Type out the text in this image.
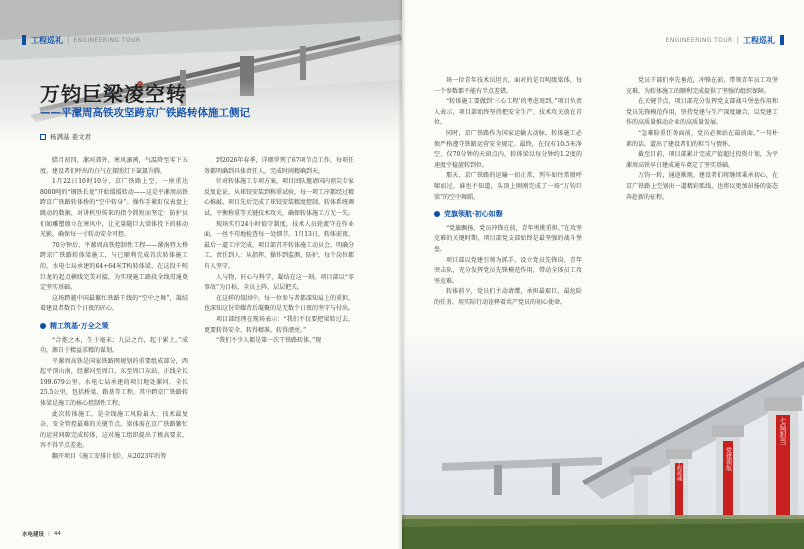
工程巡礼 | ENGINEERING TOUR
万钧巨梁凌空转
——平漯周高铁攻坚跨京广铁路转体施工侧记
杨满基 姜文君

腊月初四，漯河郊外，寒风凛冽，气温降至零下五度。建设者们呼出的白气在探照灯下氤氲升腾。

1月22日10时10分，京广铁路上空，一座重达8000吨的“钢铁长龙”开始缓缓转动——这是平漯周高铁跨京广铁路转体桥的“空中转身”。操作手紧盯仪表盘上跳动的数据，对讲机里传来的指令简短而坚定：防护员们如雕塑般立在寒风中，让光量随巨大梁体投下的移动光影，确保每一寸转动安全可控。

70分钟后，平漯周高铁控制性工程——漯南特大桥跨京广铁路转体梁施工，与已顺利完成首次转体施工的，水电七局承建的64+64米T构转体梁，在这段千吨巨龙的起点横线完美对接，为实现施工路段全线贯通奠定坚实基础。

这场跨越中国最繁忙铁路干线的“空中之舞”，凝结着建设者数百个日夜的匠心。

精工筑基·万全之策

“合抱之木，生于毫末；九层之台，起于累土。”成功，源自于精益求精的谋划。

平漯周高铁是国家铁路网规划的重要组成部分，西起平顶山南，经漯河至周口，东至周口东站，正线全长199.679公里。水电七局承建的项目地处漯河，全长25.5公里，包括桥梁、路基等工程，其中跨京广铁路转体梁是施工的核心控制性工程。

此次转体施工，是全线施工风险最大、技术最复杂、安全管控最难的关键节点。梁体需在京广铁路繁忙的运营间隙完成转体，这对施工组织提出了极高要求，容不得半点差池。

翻开项目《施工安排计划》，从2023年的筹

到2026年春季，详细罗列了67项节点工作，每项任务都明确到具体责任人，完成时间精确到天。

针对转体施工专项方案，项目团队邀请国内顶尖专家反复论证，从球铰安装到称重试验，每一项工序都经过精心推敲。项目先后完成了球铰安装精度控制、转体系统调试、平衡称重等关键技术攻关，确保转体施工万无一失。

现场实行24小时值守制度，技术人员轮流守在作业面，一丝不苟地检查每一处细节。1月13日，转体前夜，最后一道工序完成。项目部召开转体施工动员会，明确分工，责任到人：从指挥、操作到监测、防护，每个岗位都有人坚守。

人与物，匠心与科学，凝结在这一刻。项目部以“零事故”为目标，全员上阵，层层把关。

在这样的氛围中，每一位参与者都深知肩上的重担，也深知这份荣耀背后凝聚的是无数个日夜的坚守与付出。

项目部经理在现场表示：“我们不仅要把梁转过去，更要转得安全、转得精准、转得漂亮。”

“我们不少人都是第一次干铁路转体，”现

水电建设 | 44
ENGINEERING TOUR | 工程巡礼

场一位青年技术员坦言，面对的是百吨级梁体，每一个参数都不能有半点差错。

“转体施工要做到‘三心工程’的考虑周到。”项目负责人表示，项目部始终坚持把安全生产、技术攻关放在首位。

同时，京广铁路作为国家运输大动脉，转体施工必须严格遵守铁路运营安全规定。最终，在仅有10.5米净空、仅70分钟的天窗点内，转体梁以每分钟约1.2度的速度平稳旋转到位。

那天，京广铁路的运输一切正常，列车如往常般呼啸而过，谁也不知道，头顶上刚刚完成了一场“万钧巨梁”的空中舞蹈。

党旗领航·初心如磐

“党旗飘扬，党员冲锋在前，青年勇挑重担。”在攻坚克难的关键时期，项目部党支部始终是最坚强的战斗堡垒。

项目部以党建引领为抓手，设立党员先锋岗、青年突击队，充分发挥党员先锋模范作用，带动全体员工攻坚克难。

转体前夕，党员们主动请缨，承担最艰巨、最危险的任务，用实际行动诠释着共产党员的初心使命。

党员干部们率先垂范，冲锋在前，带领青年员工攻坚克难，为转体施工的顺利完成提供了坚强的组织保障。

在关键节点，项目部充分发挥党支部战斗堡垒作用和党员先锋模范作用，坚持党建与生产深度融合，以党建工作的高质量推动企业的高质量发展。

“急难险重任务面前，党员必须站在最前面。”一句朴素的话，道出了建设者们的担当与情怀。

截至目前，项目部累计完成产值超过投资计划，为平漯周高铁早日建成通车奠定了坚实基础。

万钧一转，通途渐现。建设者们将继续秉承初心，在京广铁路上空划出一道精彩弧线，也将以更加昂扬的姿态奔赴新的征程。

党建领航
七局担当
工程铸魂
